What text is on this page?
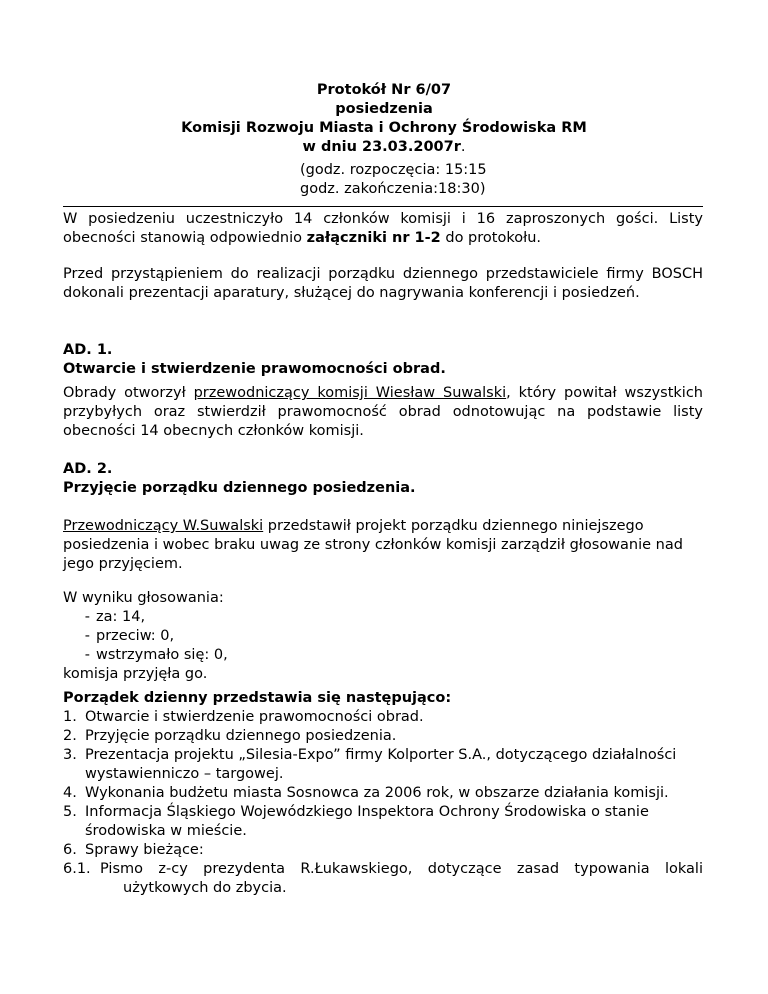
Protokół Nr 6/07
posiedzenia
Komisji Rozwoju Miasta i Ochrony Środowiska RM
w dniu 23.03.2007r.
(godz. rozpoczęcia: 15:15
godz. zakończenia:18:30)
W posiedzeniu uczestniczyło 14 członków komisji i 16 zaproszonych gości. Listy
obecności stanowią odpowiednio załączniki nr 1-2 do protokołu.
Przed przystąpieniem do realizacji porządku dziennego przedstawiciele firmy BOSCH
dokonali prezentacji aparatury, służącej do nagrywania konferencji i posiedzeń.
AD. 1.
Otwarcie i stwierdzenie prawomocności obrad.
Obrady otworzył przewodniczący komisji Wiesław Suwalski, który powitał wszystkich
przybyłych oraz stwierdził prawomocność obrad odnotowując na podstawie listy
obecności 14 obecnych członków komisji.
AD. 2.
Przyjęcie porządku dziennego posiedzenia.
Przewodniczący W.Suwalski przedstawił projekt porządku dziennego niniejszego
posiedzenia i wobec braku uwag ze strony członków komisji zarządził głosowanie nad
jego przyjęciem.
W wyniku głosowania:
- za: 14,
- przeciw: 0,
- wstrzymało się: 0,
komisja przyjęła go.
Porządek dzienny przedstawia się następująco:
1. Otwarcie i stwierdzenie prawomocności obrad.
2. Przyjęcie porządku dziennego posiedzenia.
3. Prezentacja projektu „Silesia-Expo” firmy Kolporter S.A., dotyczącego działalności
wystawienniczo – targowej.
4. Wykonania budżetu miasta Sosnowca za 2006 rok, w obszarze działania komisji.
5. Informacja Śląskiego Wojewódzkiego Inspektora Ochrony Środowiska o stanie
środowiska w mieście.
6. Sprawy bieżące:
6.1. Pismo z-cy prezydenta R.Łukawskiego, dotyczące zasad typowania lokali
użytkowych do zbycia.
